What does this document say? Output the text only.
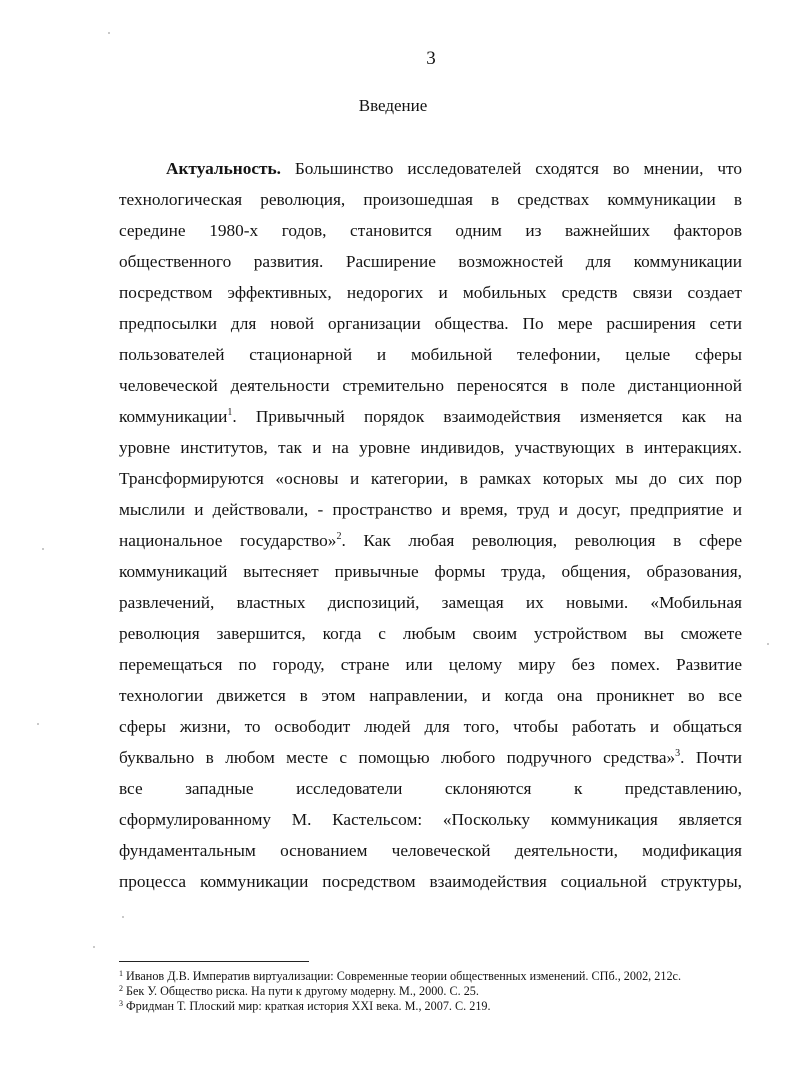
3
Введение
Актуальность. Большинство исследователей сходятся во мнении, что
технологическая революция, произошедшая в средствах коммуникации в
середине 1980-х годов, становится одним из важнейших факторов
общественного развития. Расширение возможностей для коммуникации
посредством эффективных, недорогих и мобильных средств связи создает
предпосылки для новой организации общества. По мере расширения сети
пользователей стационарной и мобильной телефонии, целые сферы
человеческой деятельности стремительно переносятся в поле дистанционной
коммуникации$^1$. Привычный порядок взаимодействия изменяется как на
уровне институтов, так и на уровне индивидов, участвующих в интеракциях.
Трансформируются «основы и категории, в рамках которых мы до сих пор
мыслили и действовали, - пространство и время, труд и досуг, предприятие и
национальное государство»$^2$. Как любая революция, революция в сфере
коммуникаций вытесняет привычные формы труда, общения, образования,
развлечений, властных диспозиций, замещая их новыми. «Мобильная
революция завершится, когда с любым своим устройством вы сможете
перемещаться по городу, стране или целому миру без помех. Развитие
технологии движется в этом направлении, и когда она проникнет во все
сферы жизни, то освободит людей для того, чтобы работать и общаться
буквально в любом месте с помощью любого подручного средства»$^3$. Почти
все западные исследователи склоняются к представлению,
сформулированному М. Кастельсом: «Поскольку коммуникация является
фундаментальным основанием человеческой деятельности, модификация
процесса коммуникации посредством взаимодействия социальной структуры,
$^1$ Иванов Д.В. Императив виртуализации: Современные теории общественных изменений. СПб., 2002, 212с.
$^2$ Бек У. Общество риска. На пути к другому модерну. М., 2000. С. 25.
$^3$ Фридман Т. Плоский мир: краткая история XXI века. М., 2007. С. 219.
